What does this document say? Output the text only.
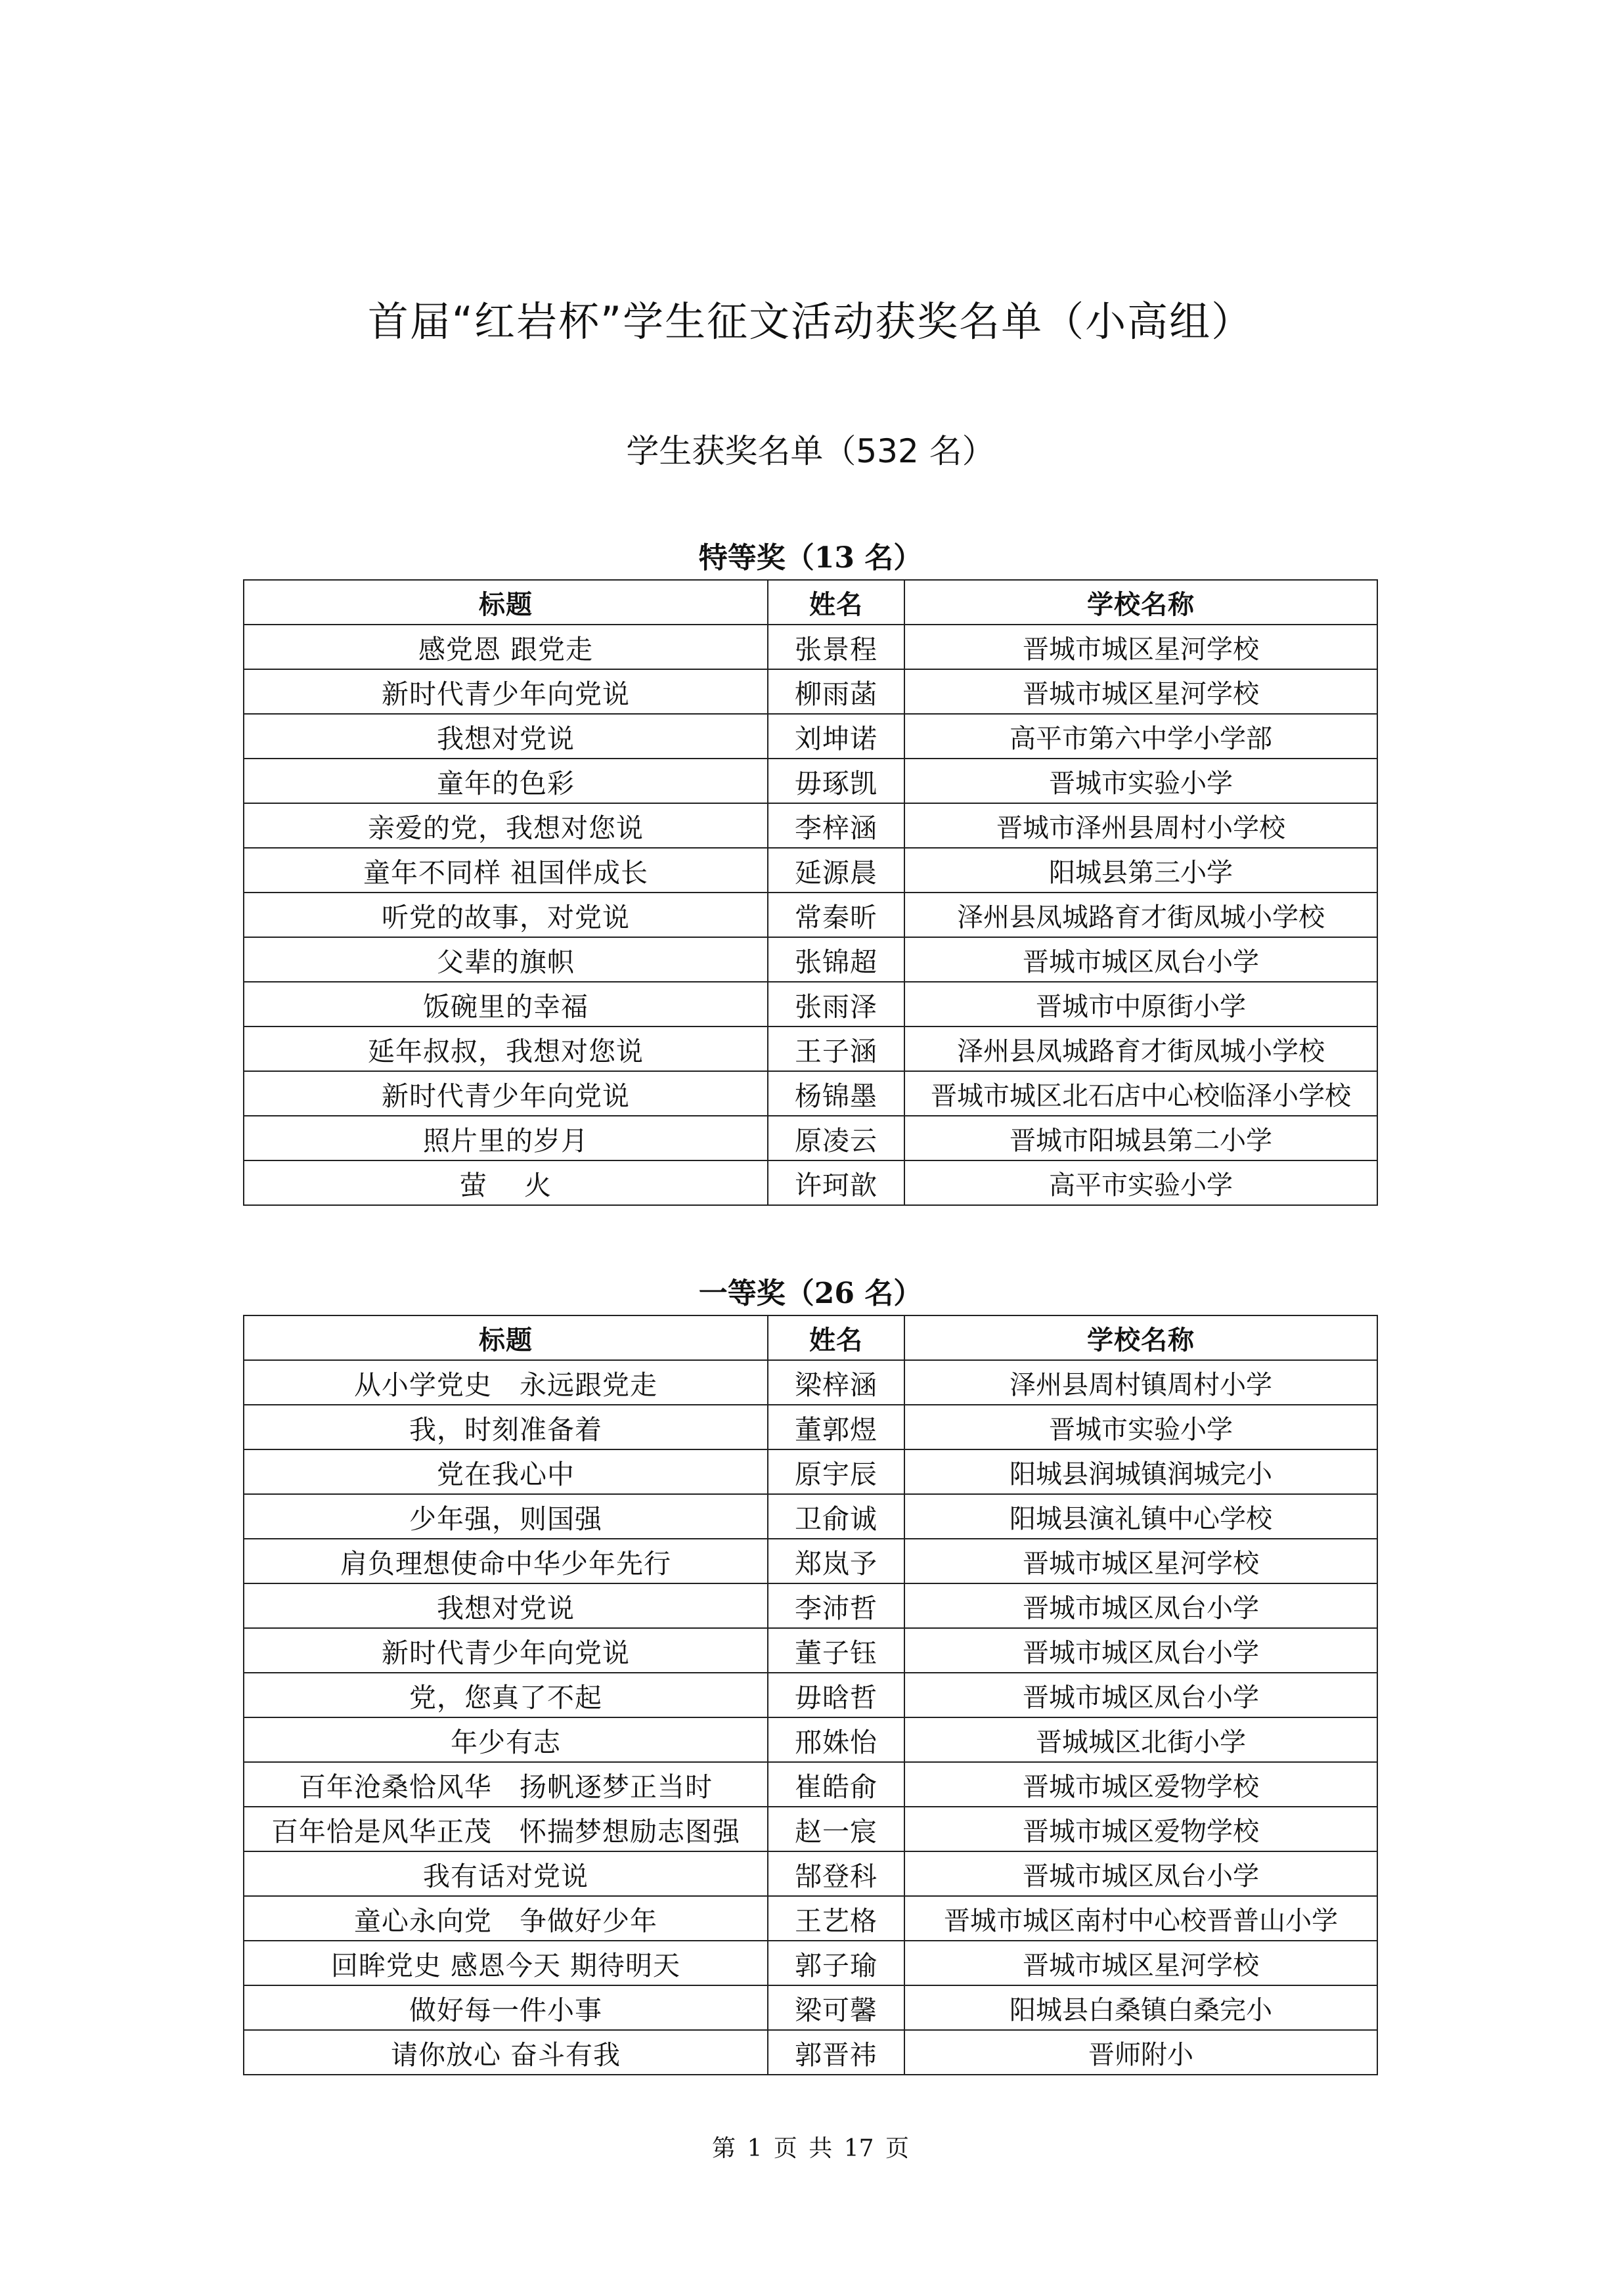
首届“红岩杯”学生征文活动获奖名单（小高组）
学生获奖名单（532 名）
特等奖（13 名）
标题	姓名	学校名称
感党恩 跟党走	张景程	晋城市城区星河学校
新时代青少年向党说	柳雨菡	晋城市城区星河学校
我想对党说	刘坤诺	高平市第六中学小学部
童年的色彩	毋琢凯	晋城市实验小学
亲爱的党，我想对您说	李梓涵	晋城市泽州县周村小学校
童年不同样 祖国伴成长	延源晨	阳城县第三小学
听党的故事，对党说	常秦昕	泽州县凤城路育才街凤城小学校
父辈的旗帜	张锦超	晋城市城区凤台小学
饭碗里的幸福	张雨泽	晋城市中原街小学
延年叔叔，我想对您说	王子涵	泽州县凤城路育才街凤城小学校
新时代青少年向党说	杨锦墨	晋城市城区北石店中心校临泽小学校
照片里的岁月	原凌云	晋城市阳城县第二小学
萤    火	许珂歆	高平市实验小学
一等奖（26 名）
标题	姓名	学校名称
从小学党史   永远跟党走	梁梓涵	泽州县周村镇周村小学
我，时刻准备着	董郭煜	晋城市实验小学
党在我心中	原宇辰	阳城县润城镇润城完小
少年强，则国强	卫俞诚	阳城县演礼镇中心学校
肩负理想使命中华少年先行	郑岚予	晋城市城区星河学校
我想对党说	李沛哲	晋城市城区凤台小学
新时代青少年向党说	董子钰	晋城市城区凤台小学
党，您真了不起	毋晗哲	晋城市城区凤台小学
年少有志	邢姝怡	晋城城区北街小学
百年沧桑恰风华   扬帆逐梦正当时	崔皓俞	晋城市城区爱物学校
百年恰是风华正茂   怀揣梦想励志图强	赵一宸	晋城市城区爱物学校
我有话对党说	郜登科	晋城市城区凤台小学
童心永向党   争做好少年	王艺格	晋城市城区南村中心校晋普山小学
回眸党史 感恩今天 期待明天	郭子瑜	晋城市城区星河学校
做好每一件小事	梁可馨	阳城县白桑镇白桑完小
请你放心 奋斗有我	郭晋祎	晋师附小
第 1 页 共 17 页
